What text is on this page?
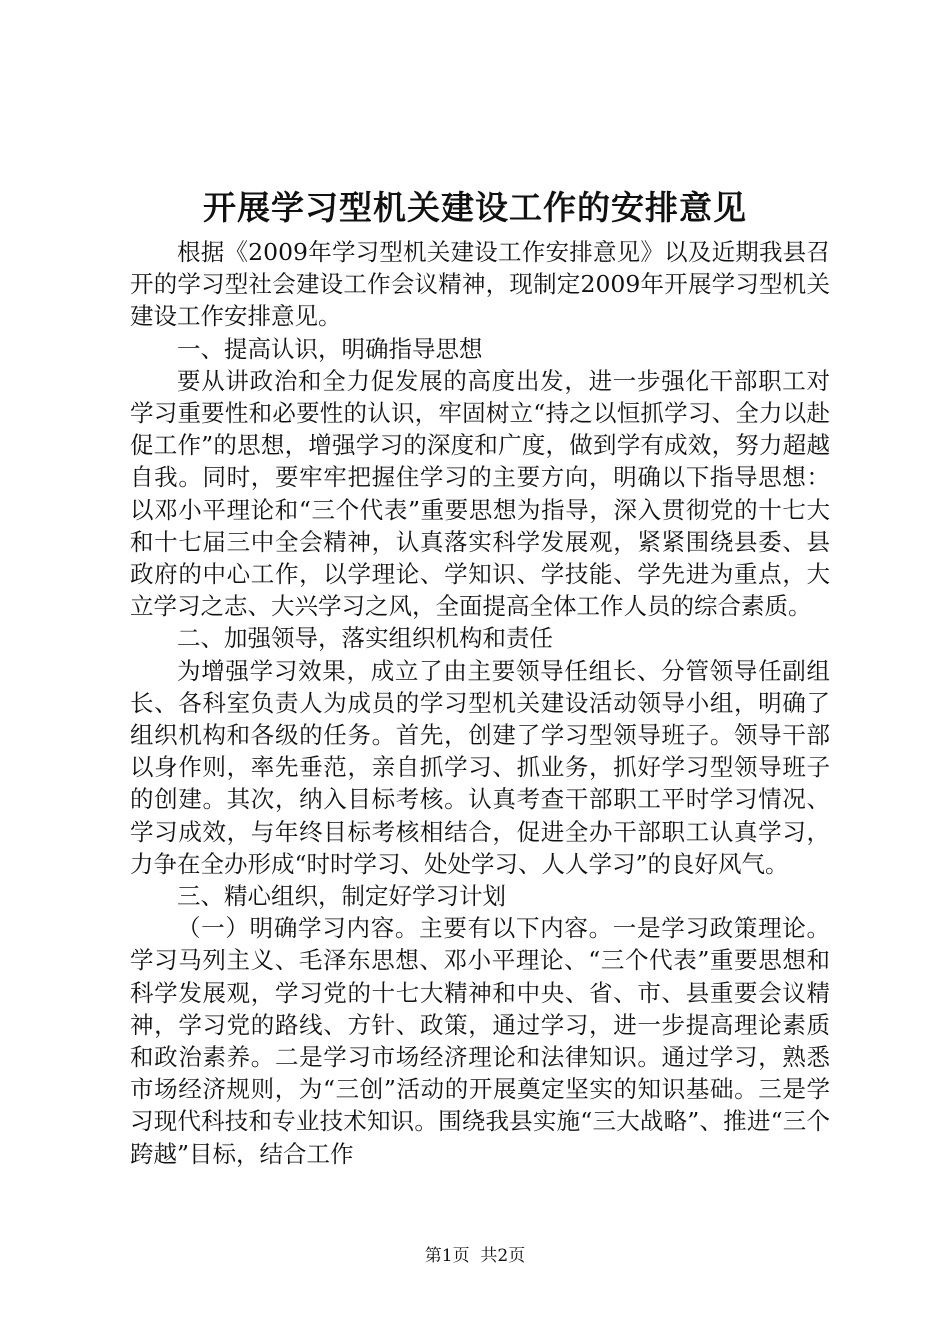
开展学习型机关建设工作的安排意见

根据《2009年学习型机关建设工作安排意见》以及近期我县召开的学习型社会建设工作会议精神，现制定2009年开展学习型机关建设工作安排意见。

一、提高认识，明确指导思想

要从讲政治和全力促发展的高度出发，进一步强化干部职工对学习重要性和必要性的认识，牢固树立“持之以恒抓学习、全力以赴促工作”的思想，增强学习的深度和广度，做到学有成效，努力超越自我。同时，要牢牢把握住学习的主要方向，明确以下指导思想：以邓小平理论和“三个代表”重要思想为指导，深入贯彻党的十七大和十七届三中全会精神，认真落实科学发展观，紧紧围绕县委、县政府的中心工作，以学理论、学知识、学技能、学先进为重点，大立学习之志、大兴学习之风，全面提高全体工作人员的综合素质。

二、加强领导，落实组织机构和责任

为增强学习效果，成立了由主要领导任组长、分管领导任副组长、各科室负责人为成员的学习型机关建设活动领导小组，明确了组织机构和各级的任务。首先，创建了学习型领导班子。领导干部以身作则，率先垂范，亲自抓学习、抓业务，抓好学习型领导班子的创建。其次，纳入目标考核。认真考查干部职工平时学习情况、学习成效，与年终目标考核相结合，促进全办干部职工认真学习，力争在全办形成“时时学习、处处学习、人人学习”的良好风气。

三、精心组织，制定好学习计划

（一）明确学习内容。主要有以下内容。一是学习政策理论。学习马列主义、毛泽东思想、邓小平理论、“三个代表”重要思想和科学发展观，学习党的十七大精神和中央、省、市、县重要会议精神，学习党的路线、方针、政策，通过学习，进一步提高理论素质和政治素养。二是学习市场经济理论和法律知识。通过学习，熟悉市场经济规则，为“三创”活动的开展奠定坚实的知识基础。三是学习现代科技和专业技术知识。围绕我县实施“三大战略”、推进“三个跨越”目标，结合工作

第1页 共2页
